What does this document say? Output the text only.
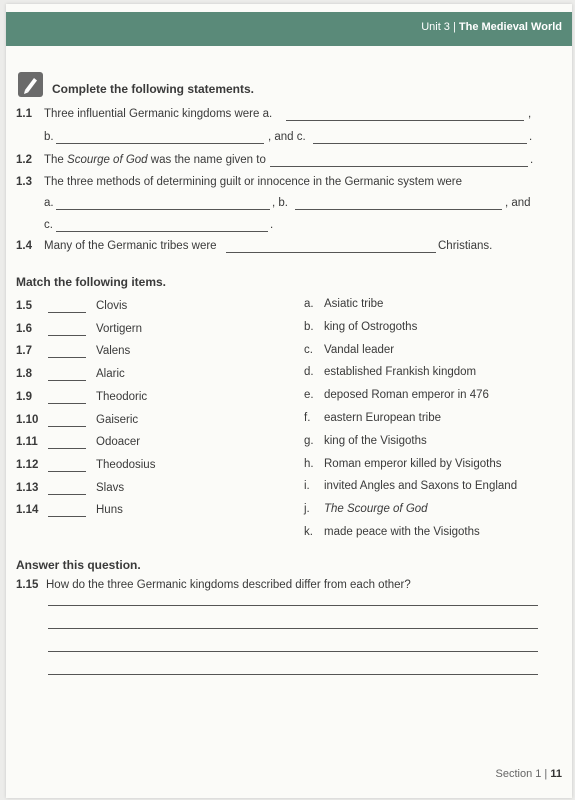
Unit 3 | The Medieval World
Complete the following statements.
1.1 Three influential Germanic kingdoms were a.	,
b.	, and c.	.
1.2 The Scourge of God was the name given to	.
1.3 The three methods of determining guilt or innocence in the Germanic system were
a.	, b.	, and
c.	.
1.4 Many of the Germanic tribes were	Christians.
Match the following items.
1.5	Clovis
1.6	Vortigern
1.7	Valens
1.8	Alaric
1.9	Theodoric
1.10	Gaiseric
1.11	Odoacer
1.12	Theodosius
1.13	Slavs
1.14	Huns
a. Asiatic tribe
b. king of Ostrogoths
c. Vandal leader
d. established Frankish kingdom
e. deposed Roman emperor in 476
f. eastern European tribe
g. king of the Visigoths
h. Roman emperor killed by Visigoths
i. invited Angles and Saxons to England
j. The Scourge of God
k. made peace with the Visigoths
Answer this question.
1.15 How do the three Germanic kingdoms described differ from each other?
Section 1 | 11
